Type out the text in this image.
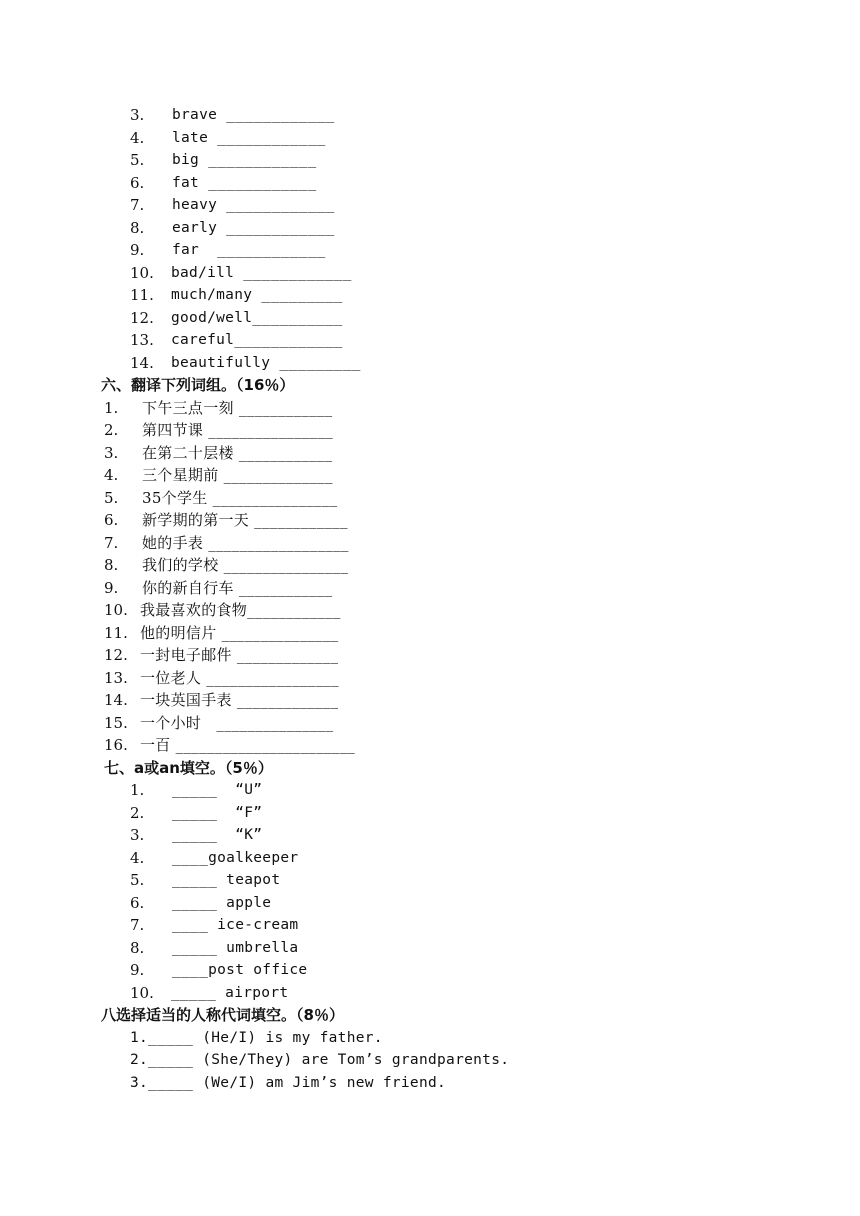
3. brave ____________
4. late ____________
5. big ____________
6. fat ____________
7. heavy ____________
8. early ____________
9. far  ____________
10. bad/ill ____________
11. much/many _________
12. good/well__________
13. careful____________
14. beautifully _________
六、翻译下列词组。（16％）
1. 下午三点一刻 ____________
2. 第四节课 ________________
3. 在第二十层楼 ____________
4. 三个星期前 ______________
5. 35个学生 ________________
6. 新学期的第一天 ____________
7. 她的手表 __________________
8. 我们的学校 ________________
9. 你的新自行车 ____________
10. 我最喜欢的食物____________
11. 他的明信片 _______________
12. 一封电子邮件 _____________
13. 一位老人 _________________
14. 一块英国手表 _____________
15. 一个小时   _______________
16. 一百 _______________________
七、a或an填空。（5％）
1. _____  “U”
2. _____  “F”
3. _____  “K”
4. ____goalkeeper
5. _____ teapot
6. _____ apple
7. ____ ice-cream
8. _____ umbrella
9. ____post office
10. _____ airport
八选择适当的人称代词填空。（8％）
1._____ (He/I) is my father.
2._____ (She/They) are Tom’s grandparents.
3._____ (We/I) am Jim’s new friend.
